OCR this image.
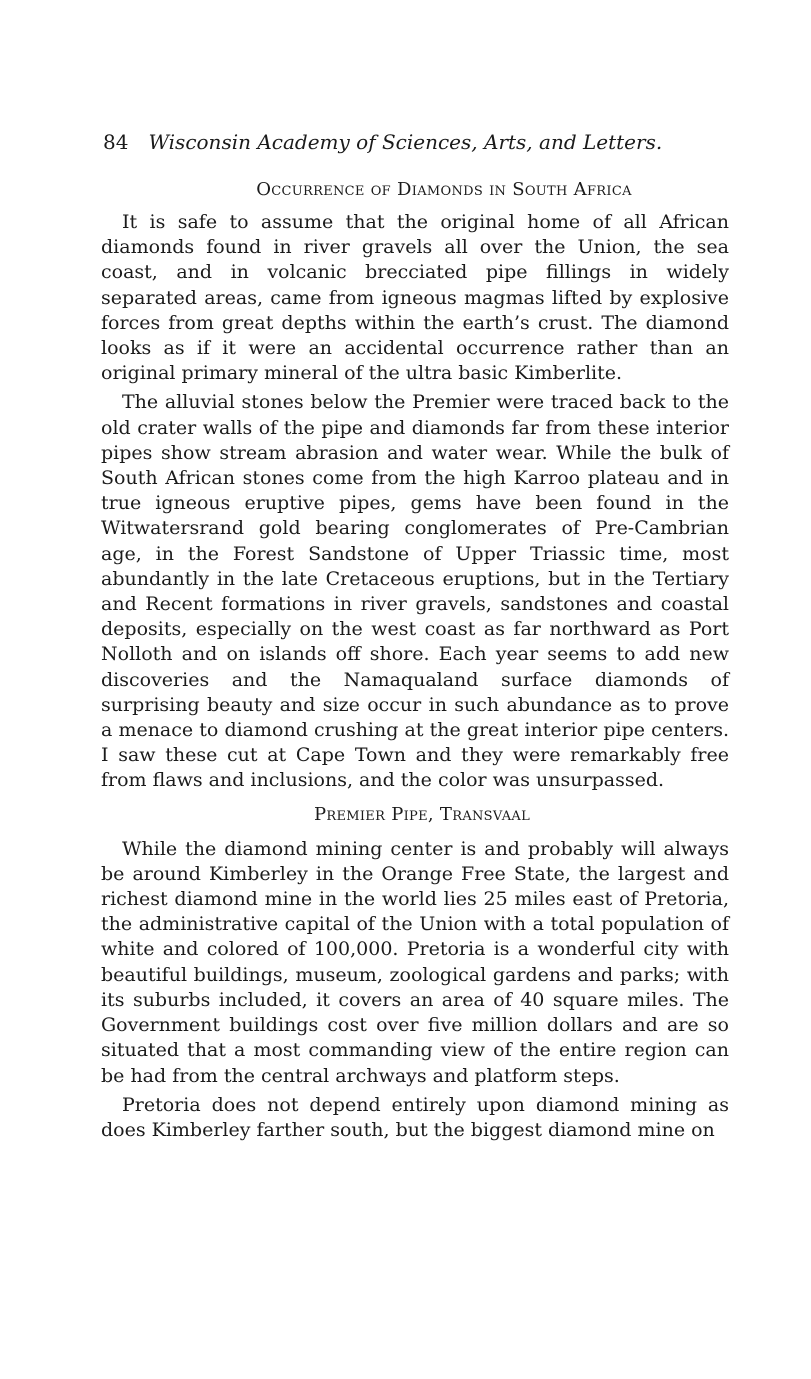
84 Wisconsin Academy of Sciences, Arts, and Letters.
Occurrence of Diamonds in South Africa

It is safe to assume that the original home of all African diamonds found in river gravels all over the Union, the sea coast, and in volcanic brecciated pipe fillings in widely separated areas, came from igneous magmas lifted by explosive forces from great depths within the earth’s crust. The diamond looks as if it were an accidental occurrence rather than an original primary mineral of the ultra basic Kimberlite.

The alluvial stones below the Premier were traced back to the old crater walls of the pipe and diamonds far from these interior pipes show stream abrasion and water wear. While the bulk of South African stones come from the high Karroo plateau and in true igneous eruptive pipes, gems have been found in the Witwatersrand gold bearing conglomerates of Pre-Cambrian age, in the Forest Sandstone of Upper Triassic time, most abundantly in the late Cretaceous eruptions, but in the Tertiary and Recent formations in river gravels, sandstones and coastal deposits, especially on the west coast as far northward as Port Nolloth and on islands off shore. Each year seems to add new discoveries and the Namaqualand surface diamonds of surprising beauty and size occur in such abundance as to prove a menace to diamond crushing at the great interior pipe centers. I saw these cut at Cape Town and they were remarkably free from flaws and inclusions, and the color was unsurpassed.

Premier Pipe, Transvaal

While the diamond mining center is and probably will always be around Kimberley in the Orange Free State, the largest and richest diamond mine in the world lies 25 miles east of Pretoria, the administrative capital of the Union with a total population of white and colored of 100,000. Pretoria is a wonderful city with beautiful buildings, museum, zoological gardens and parks; with its suburbs included, it covers an area of 40 square miles. The Government buildings cost over five million dollars and are so situated that a most commanding view of the entire region can be had from the central archways and platform steps.

Pretoria does not depend entirely upon diamond mining as does Kimberley farther south, but the biggest diamond mine on
